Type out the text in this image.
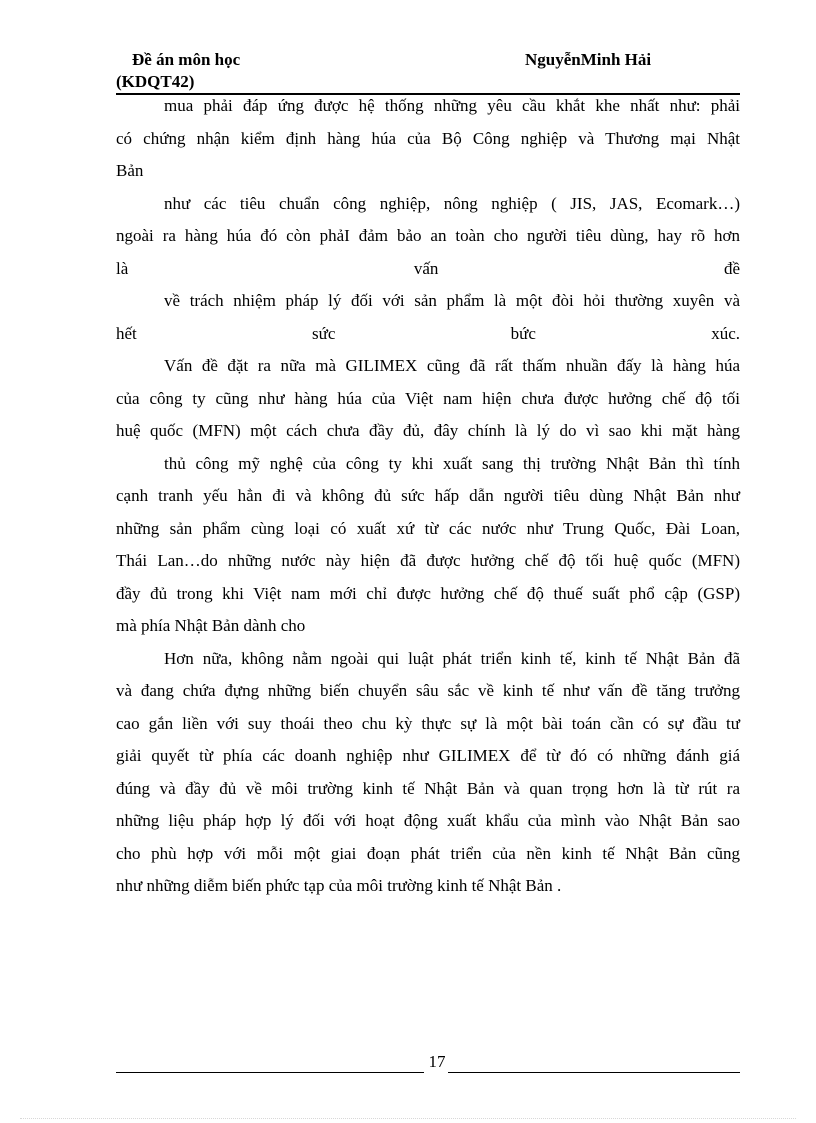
Đề án môn học
(KDQT42)
NguyễnMinh Hải
mua phải đáp ứng được hệ thống những yêu cầu khắt khe nhất như: phải
có chứng nhận kiểm định hàng húa của Bộ Công nghiệp và Thương mại Nhật
Bản
như các tiêu chuẩn công nghiệp, nông nghiệp ( JIS, JAS, Ecomark…)
ngoài ra hàng húa đó còn phảI đảm bảo an toàn cho người tiêu dùng, hay rõ hơn
là vấn đề
về trách nhiệm pháp lý đối với sản phẩm là một đòi hỏi thường xuyên và
hết sức bức xúc.
Vấn đề đặt ra nữa mà GILIMEX cũng đã rất thấm nhuần đấy là hàng húa
của công ty cũng như hàng húa của Việt nam hiện chưa được hưởng chế độ tối
huệ quốc (MFN) một cách chưa đầy đủ, đây chính là lý do vì sao khi mặt hàng
thủ công mỹ nghệ của công ty khi xuất sang thị trường Nhật Bản thì tính
cạnh tranh yếu hẳn đi và không đủ sức hấp dẫn người tiêu dùng Nhật Bản như
những sản phẩm cùng loại có xuất xứ từ các nước như Trung Quốc, Đài Loan,
Thái Lan…do những nước này hiện đã được hưởng chế độ tối huệ quốc (MFN)
đầy đủ trong khi Việt nam mới chỉ được hưởng chế độ thuế suất phổ cập (GSP)
mà phía Nhật Bản dành cho
Hơn nữa, không nằm ngoài qui luật phát triển kinh tế, kinh tế Nhật Bản đã
và đang chứa đựng những biến chuyển sâu sắc về kinh tế như vấn đề tăng trưởng
cao gắn liền với suy thoái theo chu kỳ thực sự là một bài toán cần có sự đầu tư
giải quyết từ phía các doanh nghiệp như GILIMEX để từ đó có những đánh giá
đúng và đầy đủ về môi trường kinh tế Nhật Bản và quan trọng hơn là từ rút ra
những liệu pháp hợp lý đối với hoạt động xuất khẩu của mình vào Nhật Bản sao
cho phù hợp với mỗi một giai đoạn phát triển của nền kinh tế Nhật Bản cũng
như những diễm biến phức tạp của môi trường kinh tế Nhật Bản .
17
